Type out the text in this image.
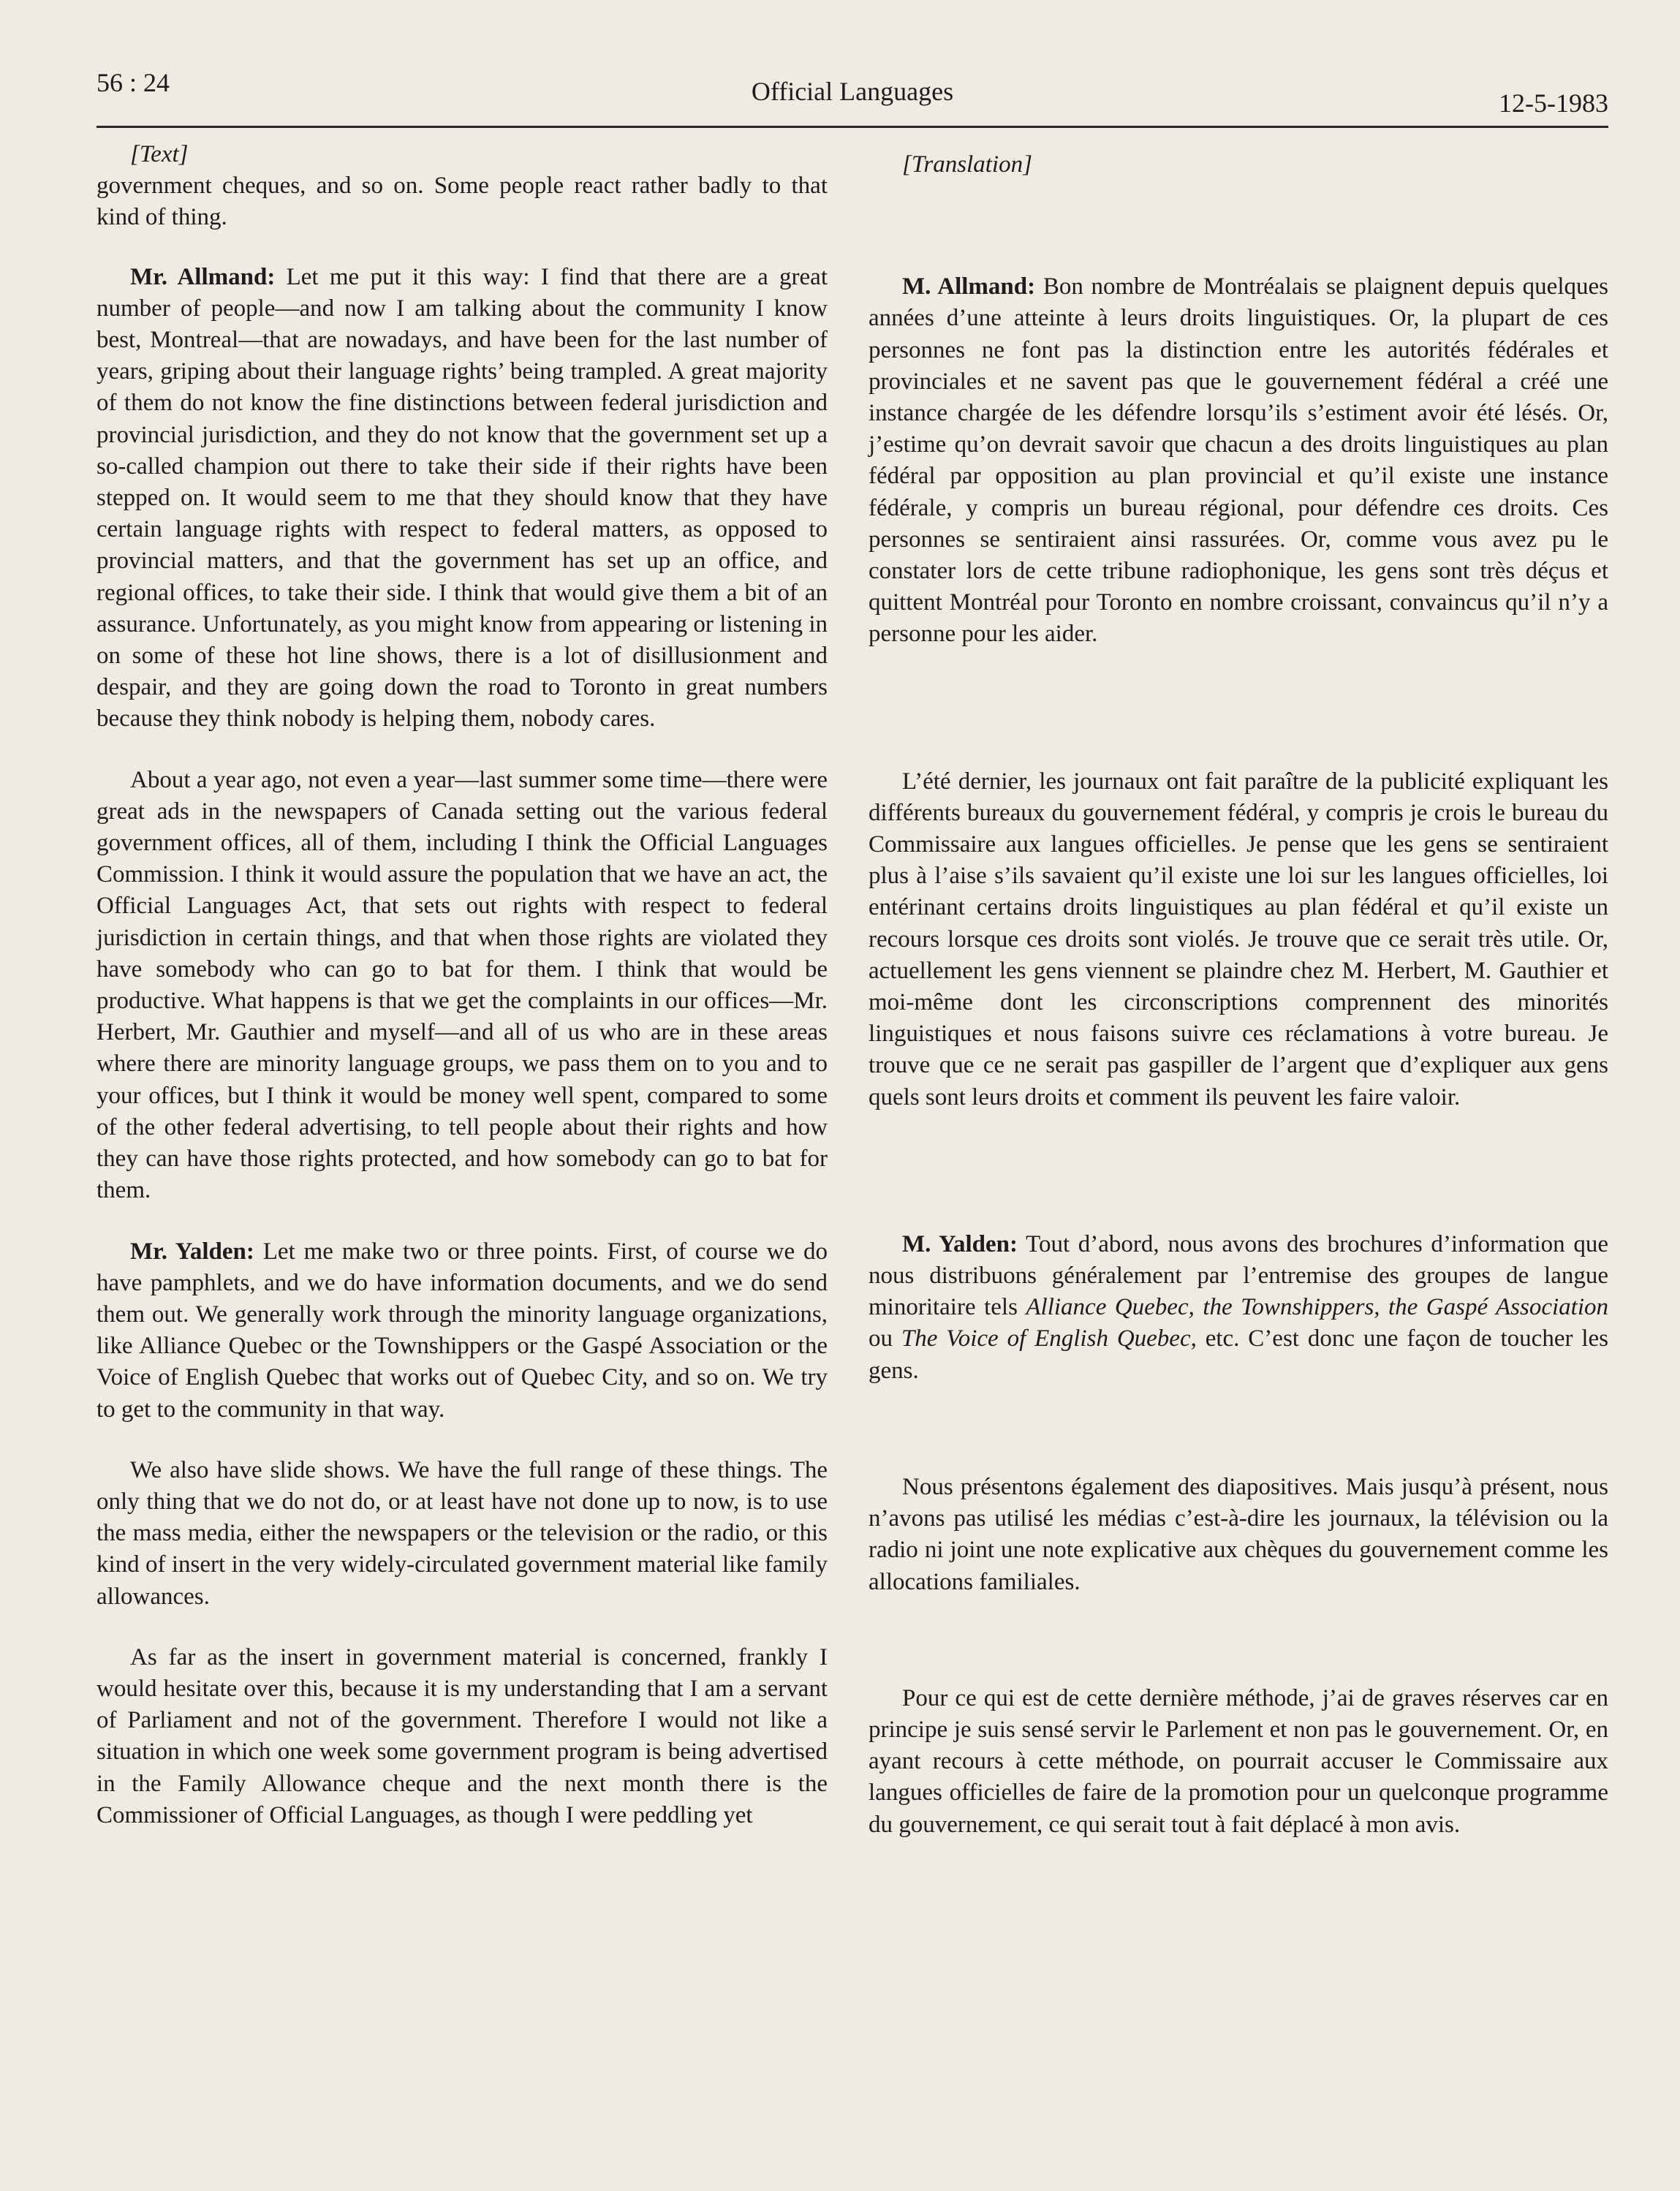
56 : 24	Official Languages	12-5-1983

[Text]

government cheques, and so on. Some people react rather badly to that kind of thing.

Mr. Allmand: Let me put it this way: I find that there are a great number of people—and now I am talking about the community I know best, Montreal—that are nowadays, and have been for the last number of years, griping about their language rights’ being trampled. A great majority of them do not know the fine distinctions between federal jurisdiction and provincial jurisdiction, and they do not know that the government set up a so-called champion out there to take their side if their rights have been stepped on. It would seem to me that they should know that they have certain language rights with respect to federal matters, as opposed to provincial matters, and that the government has set up an office, and regional offices, to take their side. I think that would give them a bit of an assurance. Unfortunately, as you might know from appearing or listening in on some of these hot line shows, there is a lot of disillusionment and despair, and they are going down the road to Toronto in great numbers because they think nobody is helping them, nobody cares.

About a year ago, not even a year—last summer some time—there were great ads in the newspapers of Canada setting out the various federal government offices, all of them, including I think the Official Languages Commission. I think it would assure the population that we have an act, the Official Languages Act, that sets out rights with respect to federal jurisdiction in certain things, and that when those rights are violated they have somebody who can go to bat for them. I think that would be productive. What happens is that we get the complaints in our offices—Mr. Herbert, Mr. Gauthier and myself—and all of us who are in these areas where there are minority language groups, we pass them on to you and to your offices, but I think it would be money well spent, compared to some of the other federal advertising, to tell people about their rights and how they can have those rights protected, and how somebody can go to bat for them.

Mr. Yalden: Let me make two or three points. First, of course we do have pamphlets, and we do have information documents, and we do send them out. We generally work through the minority language organizations, like Alliance Quebec or the Townshippers or the Gaspé Association or the Voice of English Quebec that works out of Quebec City, and so on. We try to get to the community in that way.

We also have slide shows. We have the full range of these things. The only thing that we do not do, or at least have not done up to now, is to use the mass media, either the newspapers or the television or the radio, or this kind of insert in the very widely-circulated government material like family allowances.

As far as the insert in government material is concerned, frankly I would hesitate over this, because it is my understanding that I am a servant of Parliament and not of the government. Therefore I would not like a situation in which one week some government program is being advertised in the Family Allowance cheque and the next month there is the Commissioner of Official Languages, as though I were peddling yet

[Translation]

M. Allmand: Bon nombre de Montréalais se plaignent depuis quelques années d’une atteinte à leurs droits linguistiques. Or, la plupart de ces personnes ne font pas la distinction entre les autorités fédérales et provinciales et ne savent pas que le gouvernement fédéral a créé une instance chargée de les défendre lorsqu’ils s’estiment avoir été lésés. Or, j’estime qu’on devrait savoir que chacun a des droits linguistiques au plan fédéral par opposition au plan provincial et qu’il existe une instance fédérale, y compris un bureau régional, pour défendre ces droits. Ces personnes se sentiraient ainsi rassurées. Or, comme vous avez pu le constater lors de cette tribune radiophonique, les gens sont très déçus et quittent Montréal pour Toronto en nombre croissant, convaincus qu’il n’y a personne pour les aider.

L’été dernier, les journaux ont fait paraître de la publicité expliquant les différents bureaux du gouvernement fédéral, y compris je crois le bureau du Commissaire aux langues officielles. Je pense que les gens se sentiraient plus à l’aise s’ils savaient qu’il existe une loi sur les langues officielles, loi entérinant certains droits linguistiques au plan fédéral et qu’il existe un recours lorsque ces droits sont violés. Je trouve que ce serait très utile. Or, actuellement les gens viennent se plaindre chez M. Herbert, M. Gauthier et moi-même dont les circonscriptions comprennent des minorités linguistiques et nous faisons suivre ces réclamations à votre bureau. Je trouve que ce ne serait pas gaspiller de l’argent que d’expliquer aux gens quels sont leurs droits et comment ils peuvent les faire valoir.

M. Yalden: Tout d’abord, nous avons des brochures d’information que nous distribuons généralement par l’entremise des groupes de langue minoritaire tels Alliance Quebec, the Townshippers, the Gaspé Association ou The Voice of English Quebec, etc. C’est donc une façon de toucher les gens.

Nous présentons également des diapositives. Mais jusqu’à présent, nous n’avons pas utilisé les médias c’est-à-dire les journaux, la télévision ou la radio ni joint une note explicative aux chèques du gouvernement comme les allocations familiales.

Pour ce qui est de cette dernière méthode, j’ai de graves réserves car en principe je suis sensé servir le Parlement et non pas le gouvernement. Or, en ayant recours à cette méthode, on pourrait accuser le Commissaire aux langues officielles de faire de la promotion pour un quelconque programme du gouvernement, ce qui serait tout à fait déplacé à mon avis.
